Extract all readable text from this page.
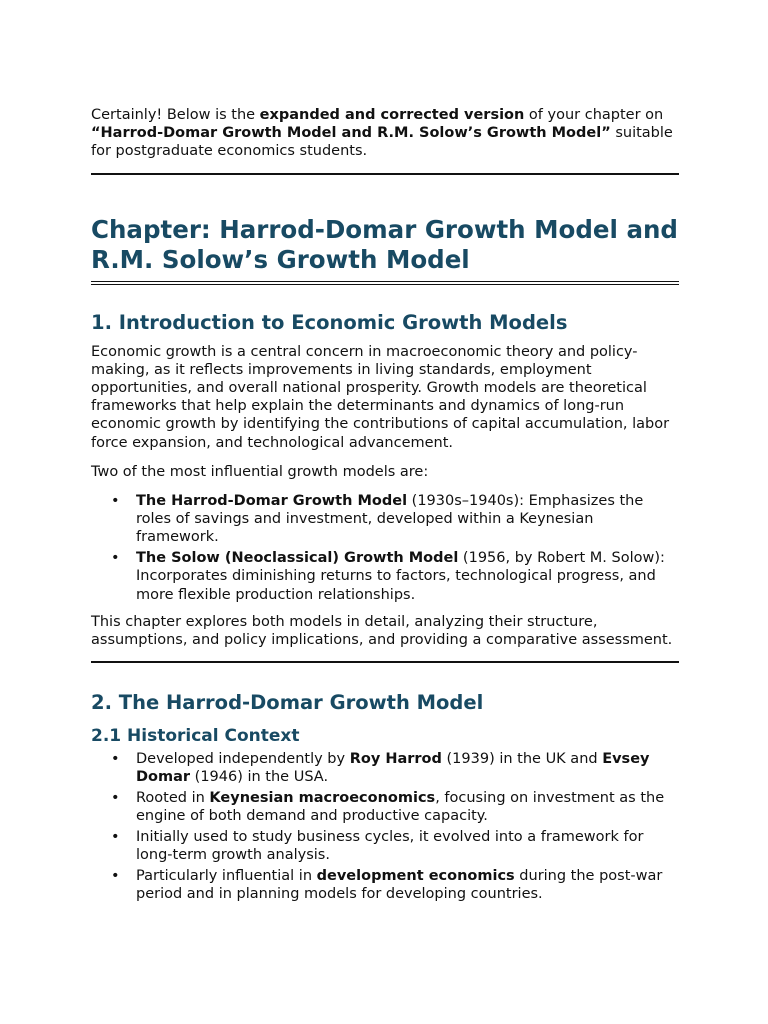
Certainly! Below is the expanded and corrected version of your chapter on “Harrod-Domar Growth Model and R.M. Solow’s Growth Model” suitable for postgraduate economics students.

Chapter: Harrod-Domar Growth Model and R.M. Solow’s Growth Model
1. Introduction to Economic Growth Models

Economic growth is a central concern in macroeconomic theory and policy-making, as it reflects improvements in living standards, employment opportunities, and overall national prosperity. Growth models are theoretical frameworks that help explain the determinants and dynamics of long-run economic growth by identifying the contributions of capital accumulation, labor force expansion, and technological advancement.

Two of the most influential growth models are:

• The Harrod-Domar Growth Model (1930s–1940s): Emphasizes the roles of savings and investment, developed within a Keynesian framework.
• The Solow (Neoclassical) Growth Model (1956, by Robert M. Solow): Incorporates diminishing returns to factors, technological progress, and more flexible production relationships.

This chapter explores both models in detail, analyzing their structure, assumptions, and policy implications, and providing a comparative assessment.

2. The Harrod-Domar Growth Model
2.1 Historical Context
• Developed independently by Roy Harrod (1939) in the UK and Evsey Domar (1946) in the USA.
• Rooted in Keynesian macroeconomics, focusing on investment as the engine of both demand and productive capacity.
• Initially used to study business cycles, it evolved into a framework for long-term growth analysis.
• Particularly influential in development economics during the post-war period and in planning models for developing countries.
